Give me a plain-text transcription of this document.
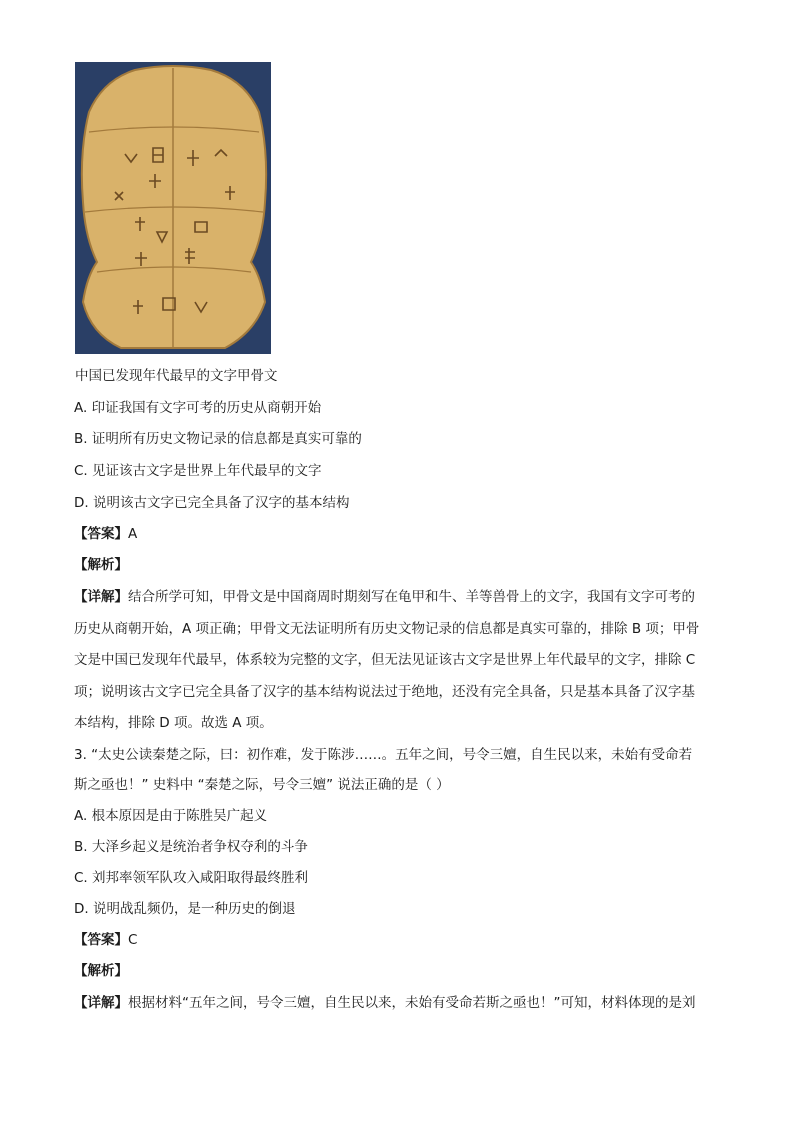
中国已发现年代最早的文字甲骨文
A. 印证我国有文字可考的历史从商朝开始
B. 证明所有历史文物记录的信息都是真实可靠的
C. 见证该古文字是世界上年代最早的文字
D. 说明该古文字已完全具备了汉字的基本结构
【答案】A
【解析】
【详解】结合所学可知，甲骨文是中国商周时期刻写在龟甲和牛、羊等兽骨上的文字，我国有文字可考的
历史从商朝开始，A 项正确；甲骨文无法证明所有历史文物记录的信息都是真实可靠的，排除 B 项；甲骨
文是中国已发现年代最早，体系较为完整的文字，但无法见证该古文字是世界上年代最早的文字，排除 C
项；说明该古文字已完全具备了汉字的基本结构说法过于绝地，还没有完全具备，只是基本具备了汉字基
本结构，排除 D 项。故选 A 项。
3. “太史公读秦楚之际，曰：初作难，发于陈涉……。五年之间，号令三嬗，自生民以来，未始有受命若
斯之亟也！” 史料中 “秦楚之际，号令三嬗” 说法正确的是（ ）
A. 根本原因是由于陈胜吴广起义
B. 大泽乡起义是统治者争权夺利的斗争
C. 刘邦率领军队攻入咸阳取得最终胜利
D. 说明战乱频仍，是一种历史的倒退
【答案】C
【解析】
【详解】根据材料“五年之间，号令三嬗，自生民以来，未始有受命若斯之亟也！”可知，材料体现的是刘
